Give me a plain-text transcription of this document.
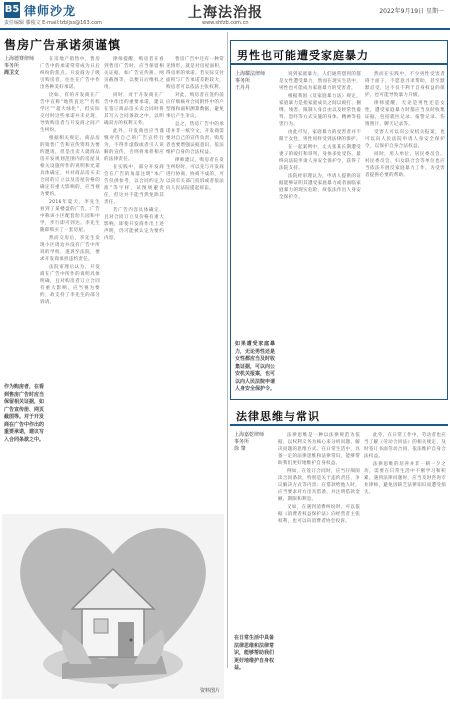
B5 律师沙龙
责任编辑 滕俊文 E-mail:fzbljss@163.com
上海法治报
www.shfzb.com.cn
2022年9月19日 星期一
售房广告承诺须谨慎
上海德赛律师事务所
周卫文

在房地产销售中，售房广告中的承诺常常成为日后纠纷的焦点。开发商为了吸引购房者，往往在广告中作出各种美好承诺。

比如，有的开发商在广告中宣称“地铁直达”“名校学区”“超大绿化”，但实际交付时这些承诺并未兑现，导致购房者与开发商之间产生纠纷。

根据相关规定，商品房的销售广告和宣传资料为要约邀请，但是出卖人就商品房开发规划范围内的房屋及相关设施所作的说明和允诺具体确定，并对商品房买卖合同的订立以及房屋价格的确定有重大影响的，应当视为要约。

2016年夏天，李先生看到了某楼盘的广告，广告中称该小区配套幼儿园和中学，步行即可到达。李先生随即购买了一套房屋。

然而交房后，李先生发现小区周边并没有广告中所说的学校，遂诉至法院，要求开发商承担违约责任。

法院审理后认为，开发商在广告中所作的说明具体明确，且对购房者订立合同有重大影响，应当视为要约，故支持了李先生的部分诉请。

律师提醒，购房者在看到售房广告时，应当保留相关证据，如广告宣传册、网页截图等，以便日后维权之用。

同时，对于开发商在广告中作出的重要承诺，建议在签订商品房买卖合同时将其写入合同条款之中，以明确双方的权利义务。

此外，开发商也应当谨慎对待自己的广告宣传行为，不得作虚假或者引人误解的宣传，否则将承担相应的法律责任。

在实践中，部分开发商会在广告的角落注明“本广告仅供参考，以合同约定为准”等字样，试图规避责任，但这并不能当然免除其责任。

若广告内容具体确定，且对合同订立及价格有重大影响，即使开发商作出上述声明，仍可能被认定为要约内容。

售房广告中还有一种常见情形，就是对房屋面积、得房率的承诺。若实际交付面积与广告承诺差距较大，购房者可以依法主张权利。

对此，购房者在签约前应仔细核对合同附件中的户型图和面积测算数据，避免事后产生争议。

总之，售房广告中的承诺并非一纸空文，开发商需要对自己的宣传负责，购房者也要增强证据意识，依法维护自身的合法权益。

律师建议，购房者在发生纠纷时，可以先与开发商进行协商，协商不成的，可以向有关部门投诉或者依法向人民法院提起诉讼。

作为购房者，在看到售房广告时应当保留相关证据，如广告宣传册、网页截图等。对于开发商在广告中作出的重要承诺，建议写入合同条款之中。
资料图片
男性也可能遭受家庭暴力
上海耀法律师事务所
王丹丹

说到家庭暴力，人们通常想到的都是女性遭受暴力，然而在现实生活中，男性也可能成为家庭暴力的受害者。

根据我国《反家庭暴力法》规定，家庭暴力是指家庭成员之间以殴打、捆绑、残害、限制人身自由以及经常性谩骂、恐吓等方式实施的身体、精神等侵害行为。

由此可见，家庭暴力的受害者并不限于女性，男性同样受到法律的保护。

在一起案例中，丈夫张某长期遭受妻子的殴打和辱骂，身体多处受伤，最终向法院申请人身安全保护令，获得了法院支持。

法院经审理认为，申请人提供的证据能够证明其遭受家庭暴力或者面临家庭暴力的现实危险，故依法作出人身安全保护令。

然而在实践中，不少男性受害者碍于面子，不愿意寻求帮助，甚至默默忍受，这不仅不利于自身权益的保护，也可能导致暴力升级。

律师提醒，无论是男性还是女性，遭受家庭暴力时都应当及时收集证据，包括就医记录、报警记录、伤情照片、聊天记录等。

受害人可以向公安机关报案，也可以向人民法院申请人身安全保护令，以保护自身合法权益。

同时，用人单位、居民委员会、村民委员会、妇女联合会等单位也应当依法开展反家庭暴力工作，为受害者提供必要的帮助。

如果遭受家庭暴力，无论男性还是女性都应当及时收集证据，可以向公安机关报案，也可以向人民法院申请人身安全保护令。
法律思维与常识
上海嘉乾律师事务所
徐 肇

法律思维是一种以法律规范为依据，以权利义务为核心来分析问题、解决问题的思维方式。在日常生活中，具备一定的法律思维和法律常识，能够帮助我们更好地维护自身权益。

例如，在签订合同时，应当仔细阅读合同条款，特别是关于违约责任、争议解决方式等内容；在借款给他人时，应当要求对方出具借条，并注明借款金额、期限和利息。

又如，在遇到消费纠纷时，可以依据《消费者权益保护法》向经营者主张权利，也可以向消费者协会投诉。

此外，在日常工作中，劳动者也应当了解《劳动合同法》的相关规定，及时签订书面劳动合同，依法维护自身合法权益。

法律思维的培养并非一朝一夕之功，需要在日常生活中不断学习和积累。遇到法律问题时，应当及时咨询专业律师，避免因缺乏法律知识而遭受损失。

在日常生活中具备法律思维和法律常识，能够帮助我们更好地维护自身权益。
